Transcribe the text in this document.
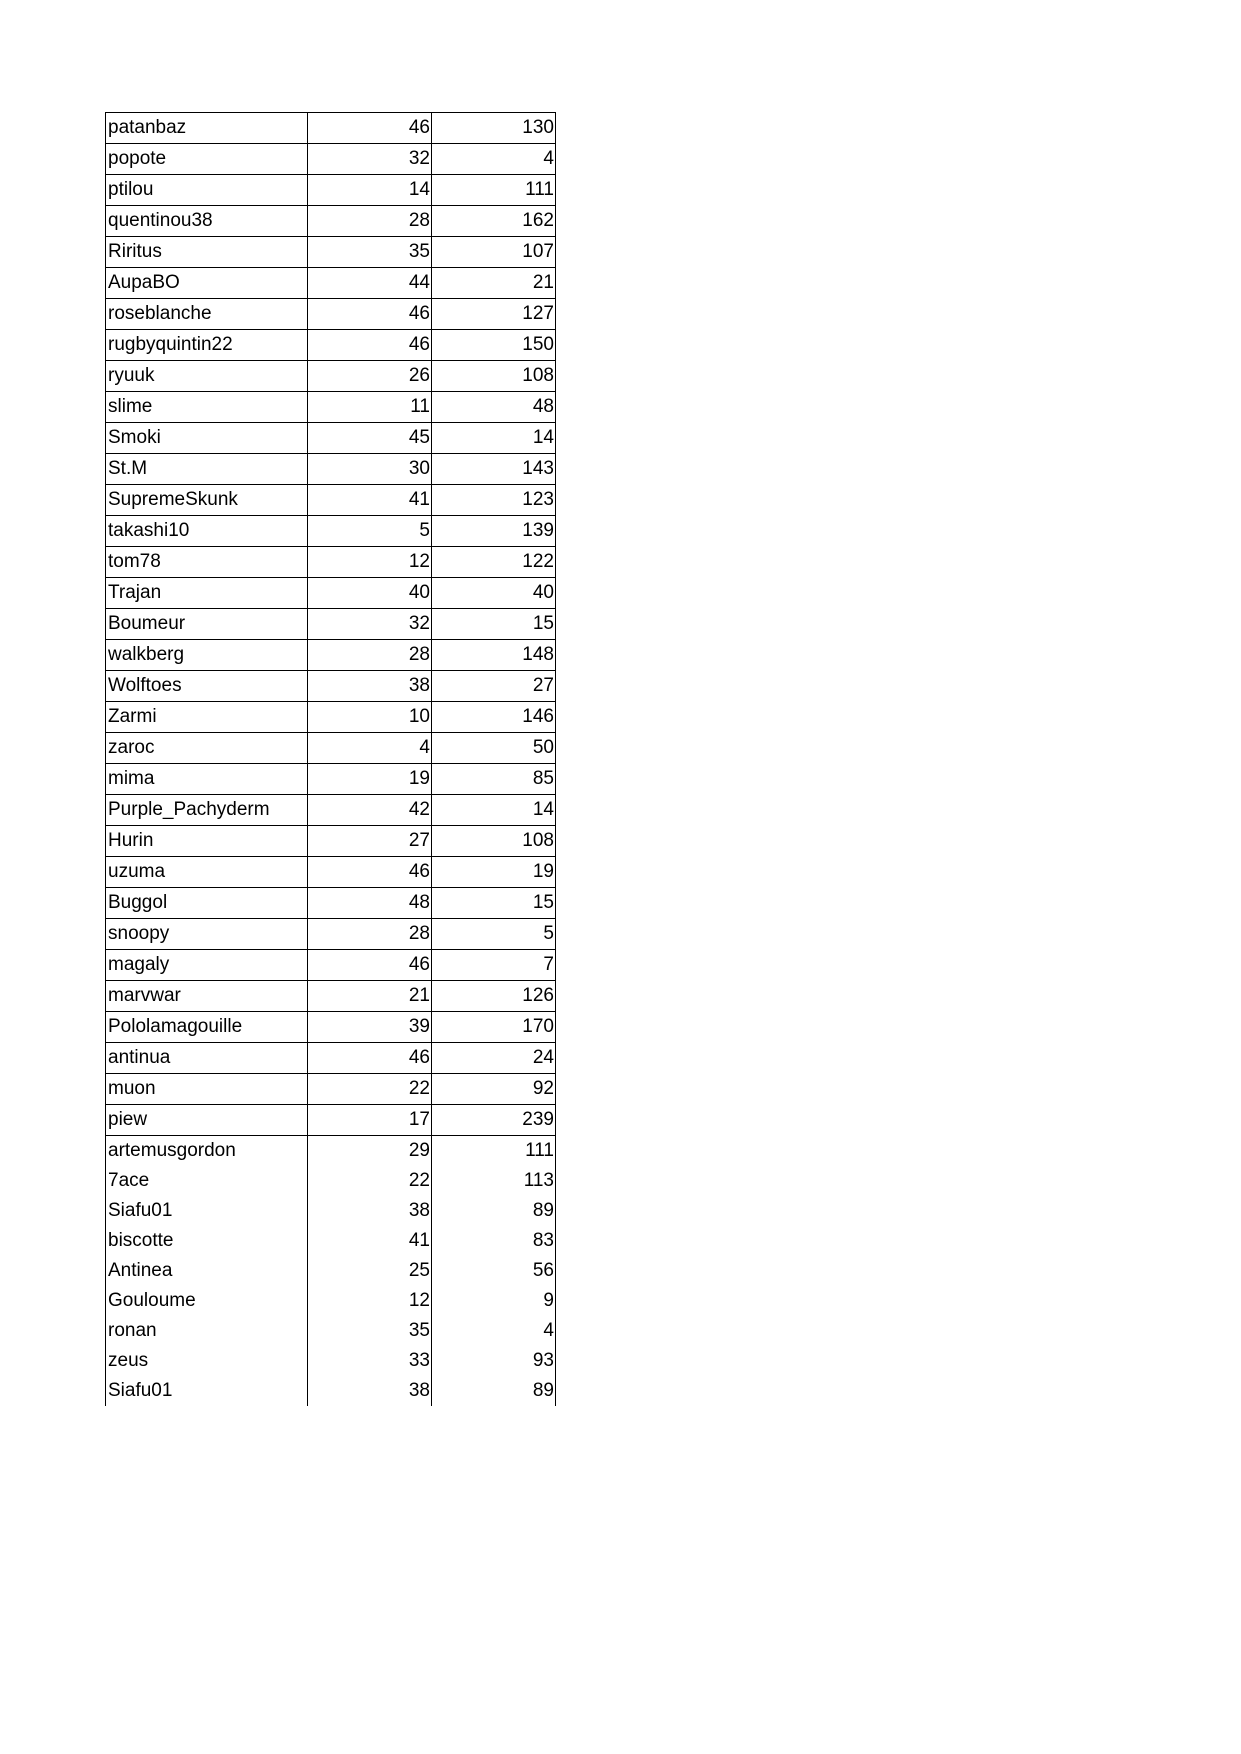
patanbaz	46	130
popote	32	4
ptilou	14	111
quentinou38	28	162
Riritus	35	107
AupaBO	44	21
roseblanche	46	127
rugbyquintin22	46	150
ryuuk	26	108
slime	11	48
Smoki	45	14
St.M	30	143
SupremeSkunk	41	123
takashi10	5	139
tom78	12	122
Trajan	40	40
Boumeur	32	15
walkberg	28	148
Wolftoes	38	27
Zarmi	10	146
zaroc	4	50
mima	19	85
Purple_Pachyderm	42	14
Hurin	27	108
uzuma	46	19
Buggol	48	15
snoopy	28	5
magaly	46	7
marvwar	21	126
Pololamagouille	39	170
antinua	46	24
muon	22	92
piew	17	239
artemusgordon	29	111
7ace	22	113
Siafu01	38	89
biscotte	41	83
Antinea	25	56
Gouloume	12	9
ronan	35	4
zeus	33	93
Siafu01	38	89
